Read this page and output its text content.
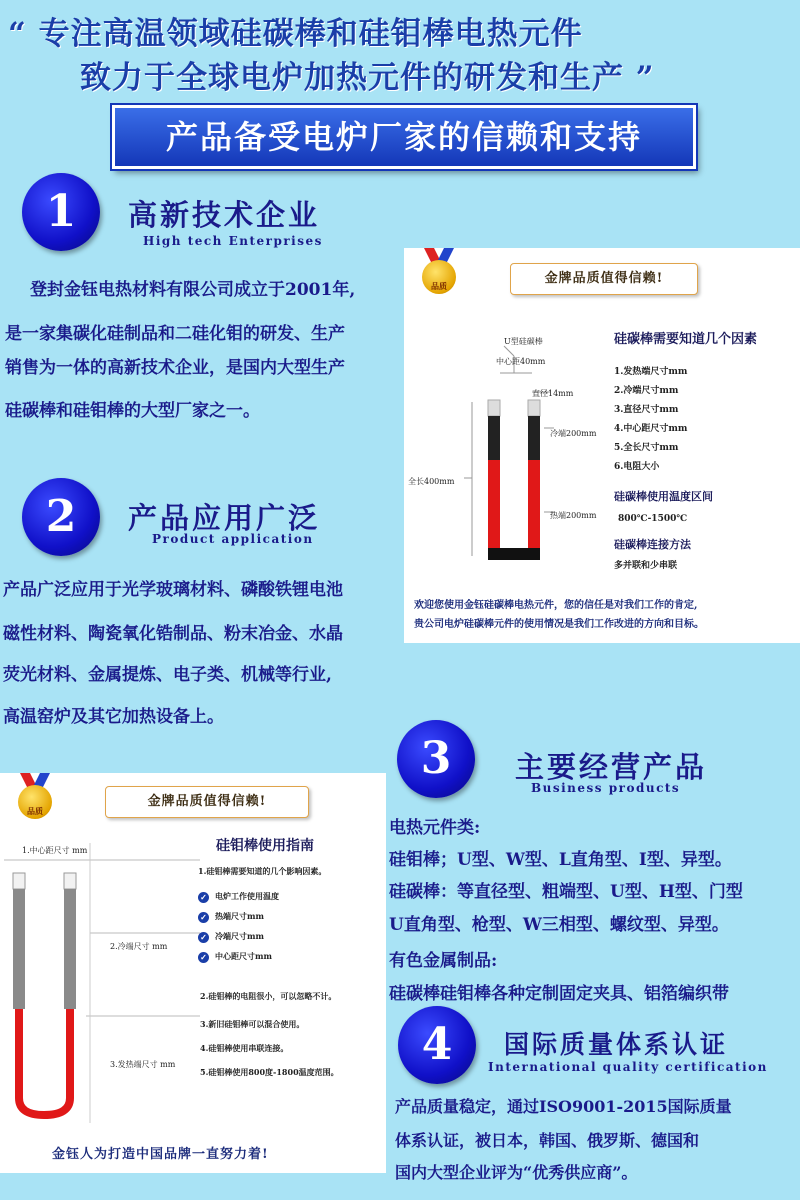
“ 专注高温领域硅碳棒和硅钼棒电热元件
致力于全球电炉加热元件的研发和生产 ”
产品备受电炉厂家的信赖和支持
1	高新技术企业
High tech Enterprises
登封金钰电热材料有限公司成立于2001年,
是一家集碳化硅制品和二硅化钼的研发、生产
销售为一体的高新技术企业，是国内大型生产
硅碳棒和硅钼棒的大型厂家之一。
2	产品应用广泛
Product application
产品广泛应用于光学玻璃材料、磷酸铁锂电池
磁性材料、陶瓷氧化锆制品、粉末冶金、水晶
荧光材料、金属提炼、电子类、机械等行业,
高温窑炉及其它加热设备上。
品质	金牌品质值得信赖!
U型硅碳棒
中心距40mm
直径14mm
冷端200mm
全长400mm
热端200mm
硅碳棒需要知道几个因素
1.发热端尺寸mm
2.冷端尺寸mm
3.直径尺寸mm
4.中心距尺寸mm
5.全长尺寸mm
6.电阻大小
硅碳棒使用温度区间
800℃-1500℃
硅碳棒连接方法
多并联和少串联
欢迎您使用金钰硅碳棒电热元件，您的信任是对我们工作的肯定,
贵公司电炉硅碳棒元件的使用情况是我们工作改进的方向和目标。
3	主要经营产品
Business products
电热元件类:
硅钼棒；U型、W型、L直角型、I型、异型。
硅碳棒：等直径型、粗端型、U型、H型、门型
U直角型、枪型、W三相型、螺纹型、异型。
有色金属制品:
硅碳棒硅钼棒各种定制固定夹具、铝箔编织带
品质
金牌品质值得信赖!
1.中心距尺寸 mm
2.冷端尺寸 mm
3.发热端尺寸 mm
硅钼棒使用指南
1.硅钼棒需要知道的几个影响因素。
✓ 电炉工作使用温度
✓ 热端尺寸mm
✓ 冷端尺寸mm
✓ 中心距尺寸mm
2.硅钼棒的电阻很小，可以忽略不计。
3.新旧硅钼棒可以混合使用。
4.硅钼棒使用串联连接。
5.硅钼棒使用800度-1800温度范围。
金钰人为打造中国品牌一直努力着!
4	国际质量体系认证
International quality certification
产品质量稳定，通过ISO9001-2015国际质量
体系认证，被日本，韩国、俄罗斯、德国和
国内大型企业评为“优秀供应商”。
